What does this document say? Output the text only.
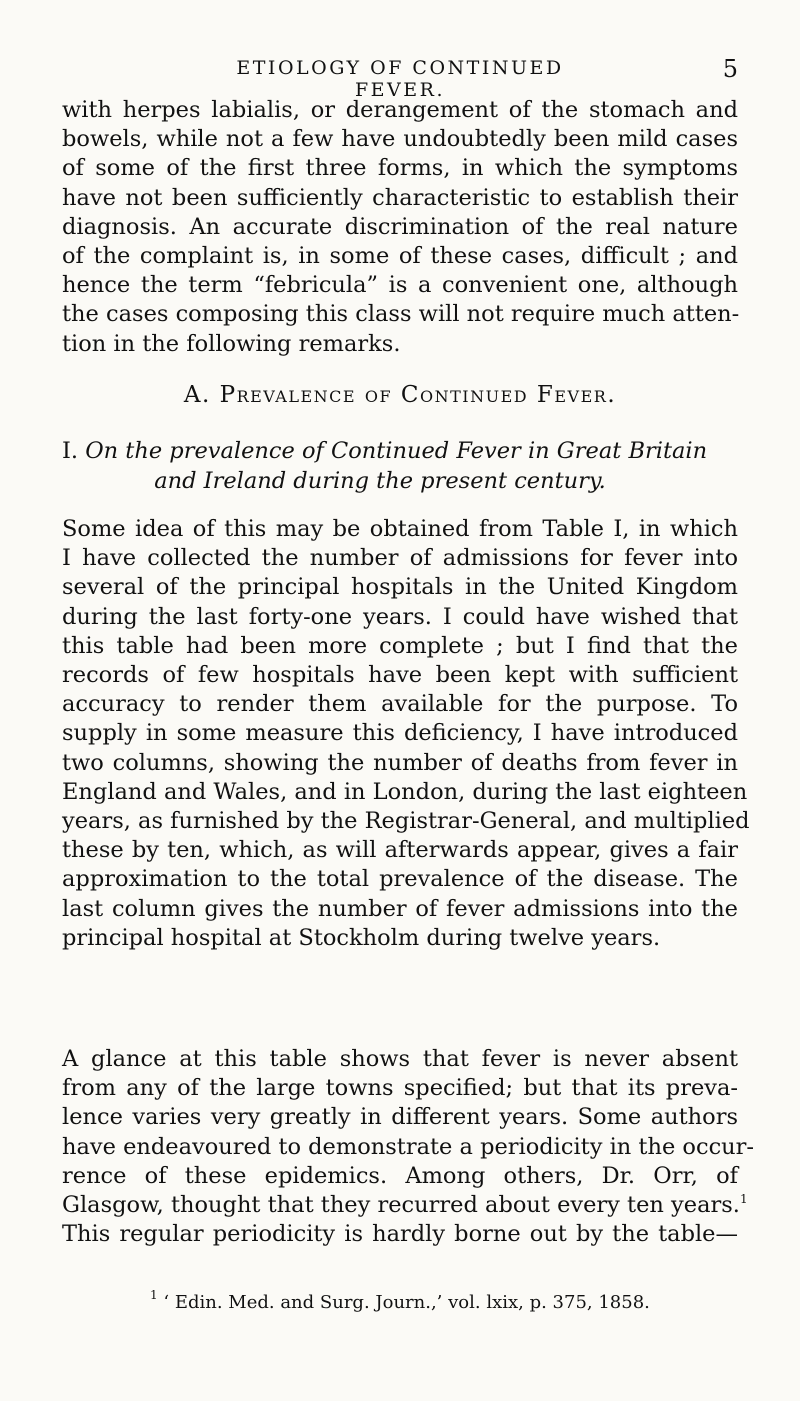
ETIOLOGY OF CONTINUED FEVER.
5
with herpes labialis, or derangement of the stomach and
bowels, while not a few have undoubtedly been mild cases
of some of the first three forms, in which the symptoms
have not been sufficiently characteristic to establish their
diagnosis. An accurate discrimination of the real nature
of the complaint is, in some of these cases, difficult ; and
hence the term “febricula” is a convenient one, although
the cases composing this class will not require much atten-
tion in the following remarks.
A. Prevalence of Continued Fever.
I. On the prevalence of Continued Fever in Great Britain
and Ireland during the present century.
Some idea of this may be obtained from Table I, in which
I have collected the number of admissions for fever into
several of the principal hospitals in the United Kingdom
during the last forty-one years. I could have wished that
this table had been more complete ; but I find that the
records of few hospitals have been kept with sufficient
accuracy to render them available for the purpose. To
supply in some measure this deficiency, I have introduced
two columns, showing the number of deaths from fever in
England and Wales, and in London, during the last eighteen
years, as furnished by the Registrar-General, and multiplied
these by ten, which, as will afterwards appear, gives a fair
approximation to the total prevalence of the disease. The
last column gives the number of fever admissions into the
principal hospital at Stockholm during twelve years.
A glance at this table shows that fever is never absent
from any of the large towns specified; but that its preva-
lence varies very greatly in different years. Some authors
have endeavoured to demonstrate a periodicity in the occur-
rence of these epidemics. Among others, Dr. Orr, of
Glasgow, thought that they recurred about every ten years.$^1$
This regular periodicity is hardly borne out by the table—
$^1$ ‘ Edin. Med. and Surg. Journ.,’ vol. lxix, p. 375, 1858.
